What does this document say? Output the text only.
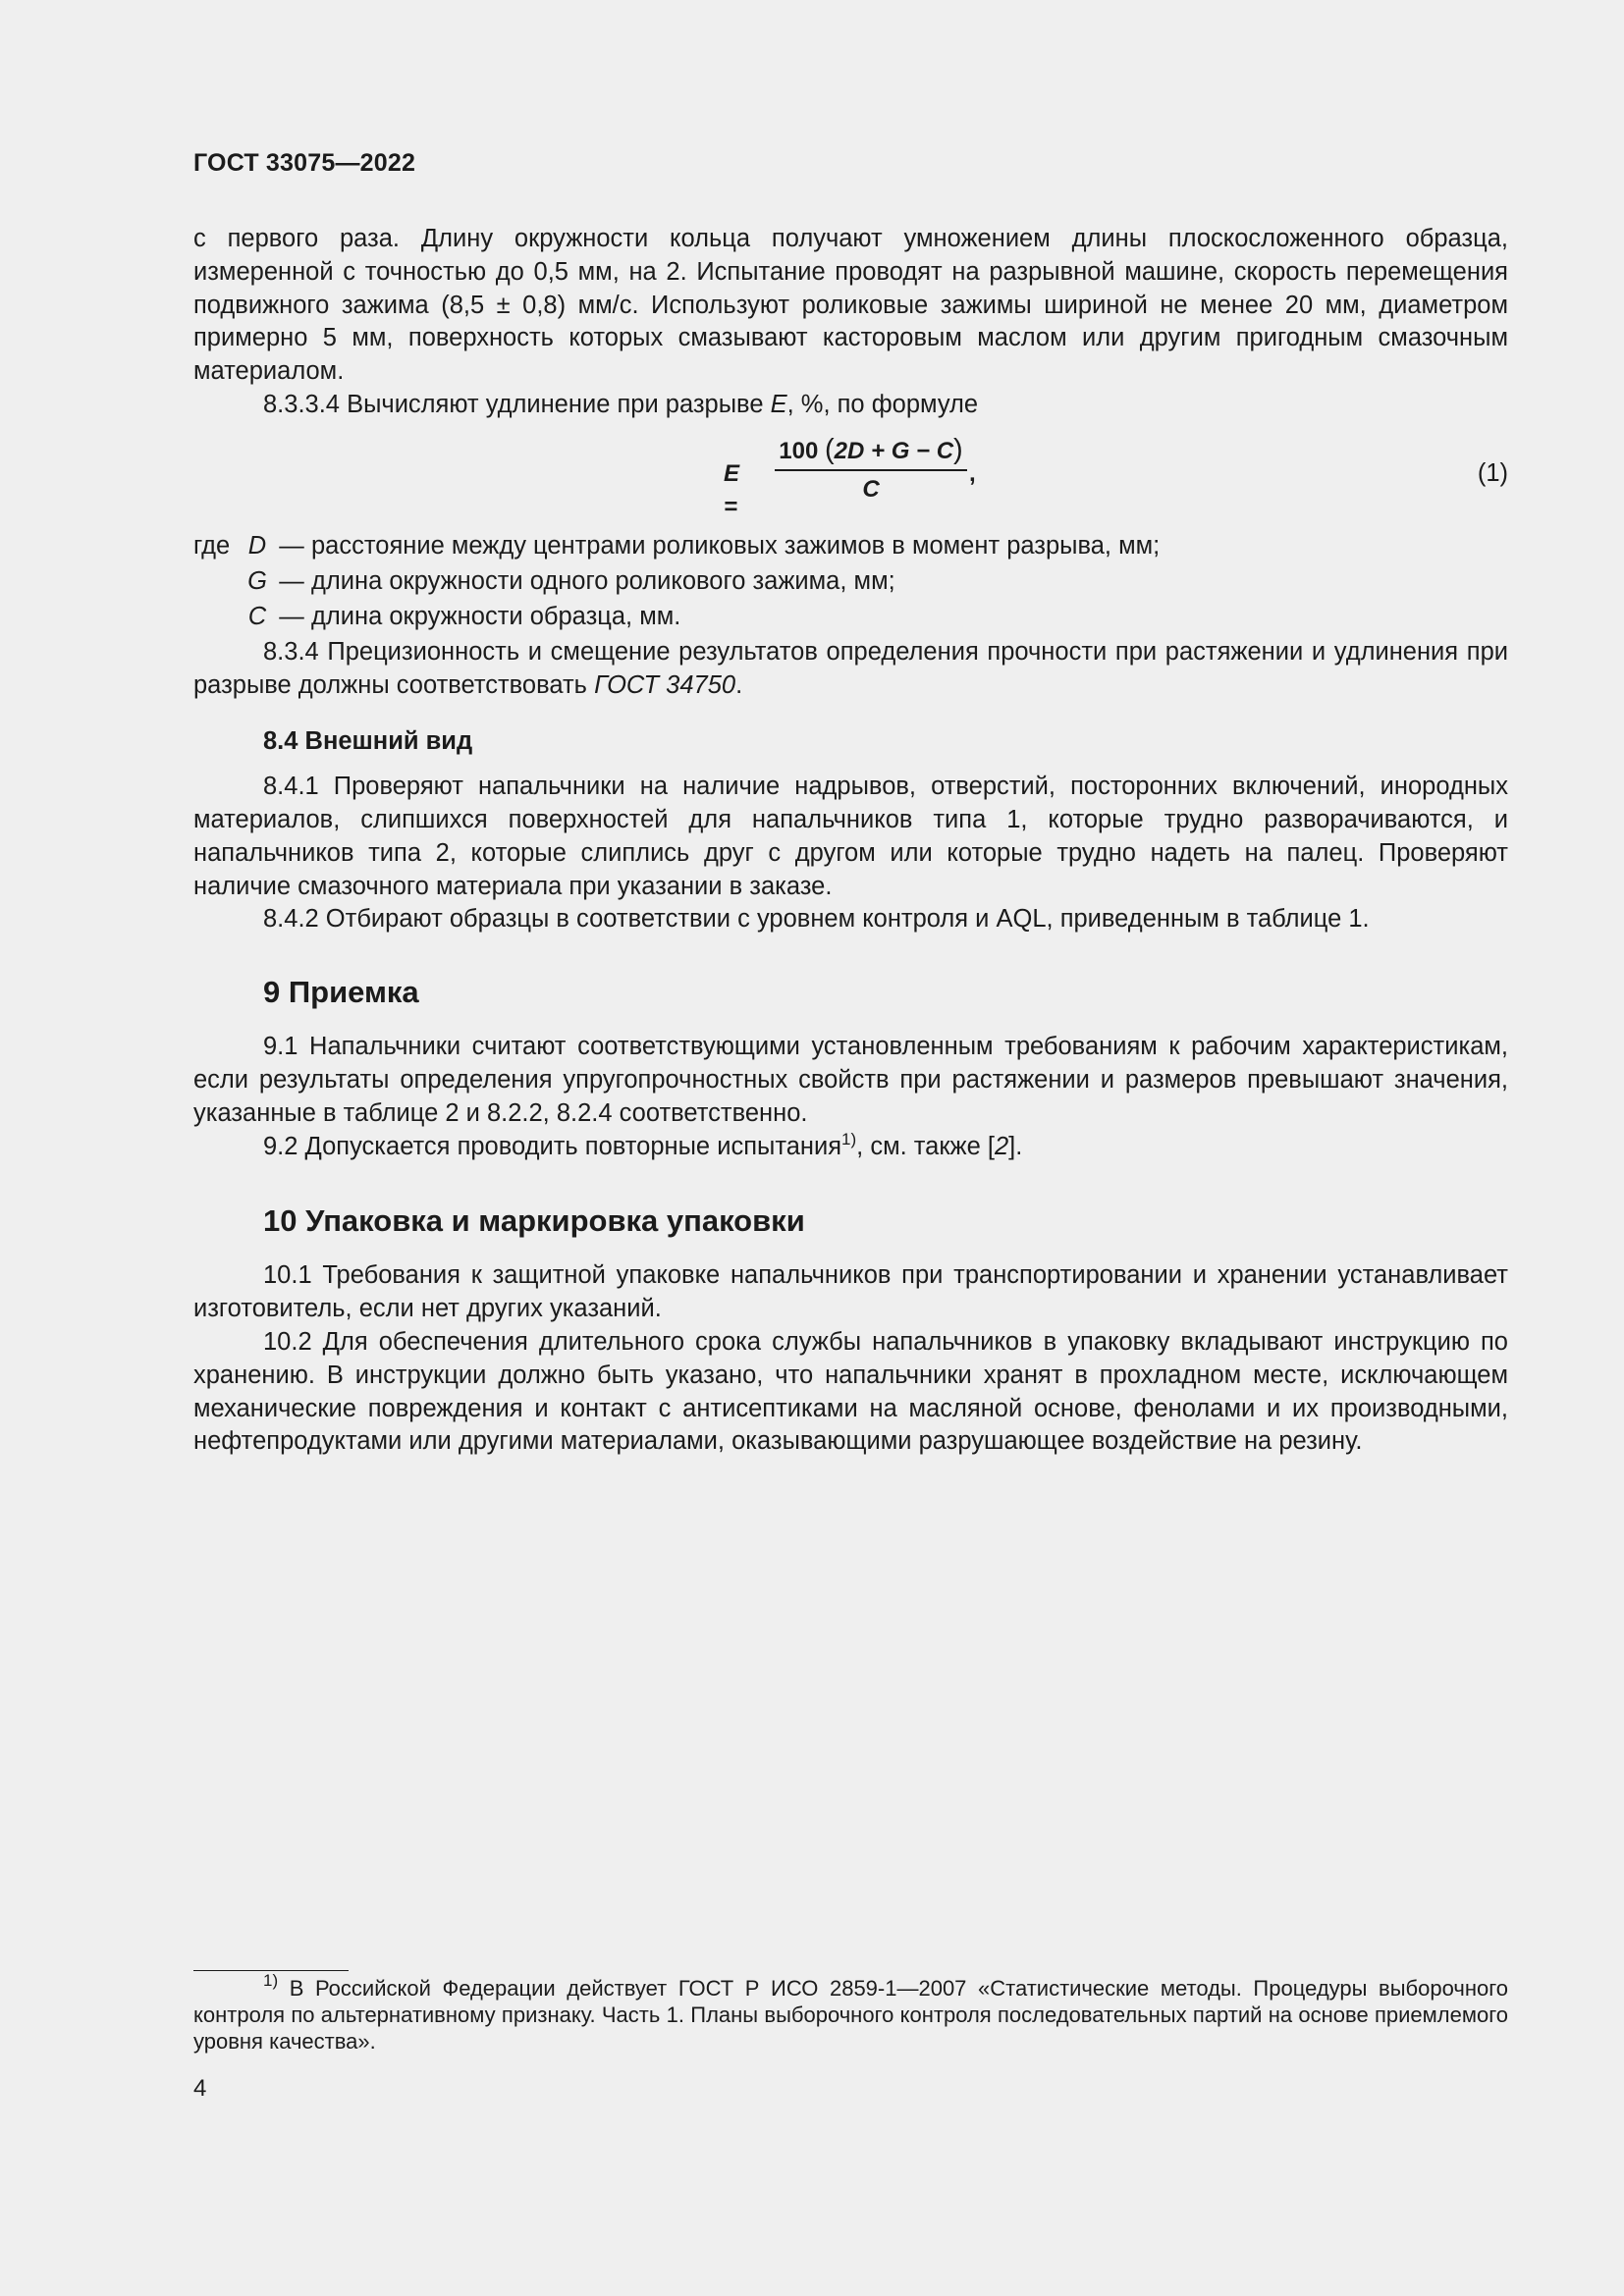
ГОСТ 33075—2022

с первого раза. Длину окружности кольца получают умножением длины плоскосложенного образца, измеренной с точностью до 0,5 мм, на 2. Испытание проводят на разрывной машине, скорость перемещения подвижного зажима (8,5 ± 0,8) мм/с. Используют роликовые зажимы шириной не менее 20 мм, диаметром примерно 5 мм, поверхность которых смазывают касторовым маслом или другим пригодным смазочным материалом.

8.3.3.4 Вычисляют удлинение при разрыве E, %, по формуле

E =
100 (2D + G − C)
C
,	(1)
где D — расстояние между центрами роликовых зажимов в момент разрыва, мм;
G — длина окружности одного роликового зажима, мм;
C — длина окружности образца, мм.

8.3.4 Прецизионность и смещение результатов определения прочности при растяжении и удлинения при разрыве должны соответствовать ГОСТ 34750.

8.4 Внешний вид

8.4.1 Проверяют напальчники на наличие надрывов, отверстий, посторонних включений, инородных материалов, слипшихся поверхностей для напальчников типа 1, которые трудно разворачиваются, и напальчников типа 2, которые слиплись друг с другом или которые трудно надеть на палец. Проверяют наличие смазочного материала при указании в заказе.

8.4.2 Отбирают образцы в соответствии с уровнем контроля и AQL, приведенным в таблице 1.

9 Приемка

9.1 Напальчники считают соответствующими установленным требованиям к рабочим характеристикам, если результаты определения упругопрочностных свойств при растяжении и размеров превышают значения, указанные в таблице 2 и 8.2.2, 8.2.4 соответственно.

9.2 Допускается проводить повторные испытания$^{1)}$, см. также [2].

10 Упаковка и маркировка упаковки

10.1 Требования к защитной упаковке напальчников при транспортировании и хранении устанавливает изготовитель, если нет других указаний.

10.2 Для обеспечения длительного срока службы напальчников в упаковку вкладывают инструкцию по хранению. В инструкции должно быть указано, что напальчники хранят в прохладном месте, исключающем механические повреждения и контакт с антисептиками на масляной основе, фенолами и их производными, нефтепродуктами или другими материалами, оказывающими разрушающее воздействие на резину.

$^{1)}$ В Российской Федерации действует ГОСТ Р ИСО 2859-1—2007 «Статистические методы. Процедуры выборочного контроля по альтернативному признаку. Часть 1. Планы выборочного контроля последовательных партий на основе приемлемого уровня качества».

4
